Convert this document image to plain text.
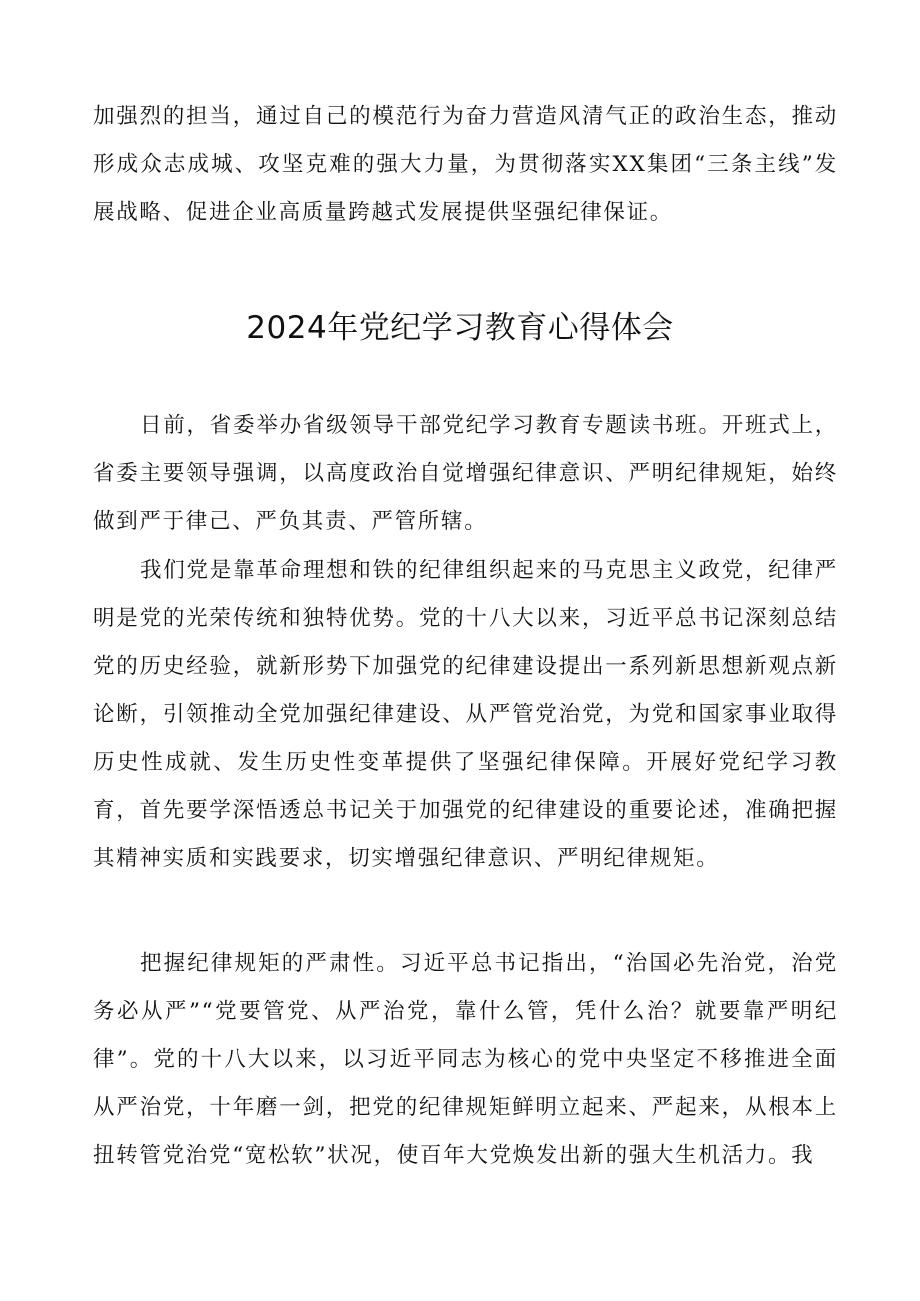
加强烈的担当，通过自己的模范行为奋力营造风清气正的政治生态，推动形成众志成城、攻坚克难的强大力量，为贯彻落实XX集团“三条主线”发展战略、促进企业高质量跨越式发展提供坚强纪律保证。

2024年党纪学习教育心得体会

日前，省委举办省级领导干部党纪学习教育专题读书班。开班式上，省委主要领导强调，以高度政治自觉增强纪律意识、严明纪律规矩，始终做到严于律己、严负其责、严管所辖。

我们党是靠革命理想和铁的纪律组织起来的马克思主义政党，纪律严明是党的光荣传统和独特优势。党的十八大以来，习近平总书记深刻总结党的历史经验，就新形势下加强党的纪律建设提出一系列新思想新观点新论断，引领推动全党加强纪律建设、从严管党治党，为党和国家事业取得历史性成就、发生历史性变革提供了坚强纪律保障。开展好党纪学习教育，首先要学深悟透总书记关于加强党的纪律建设的重要论述，准确把握其精神实质和实践要求，切实增强纪律意识、严明纪律规矩。

把握纪律规矩的严肃性。习近平总书记指出，“治国必先治党，治党务必从严”“党要管党、从严治党，靠什么管，凭什么治？就要靠严明纪律”。党的十八大以来，以习近平同志为核心的党中央坚定不移推进全面从严治党，十年磨一剑，把党的纪律规矩鲜明立起来、严起来，从根本上扭转管党治党“宽松软”状况，使百年大党焕发出新的强大生机活力。我
